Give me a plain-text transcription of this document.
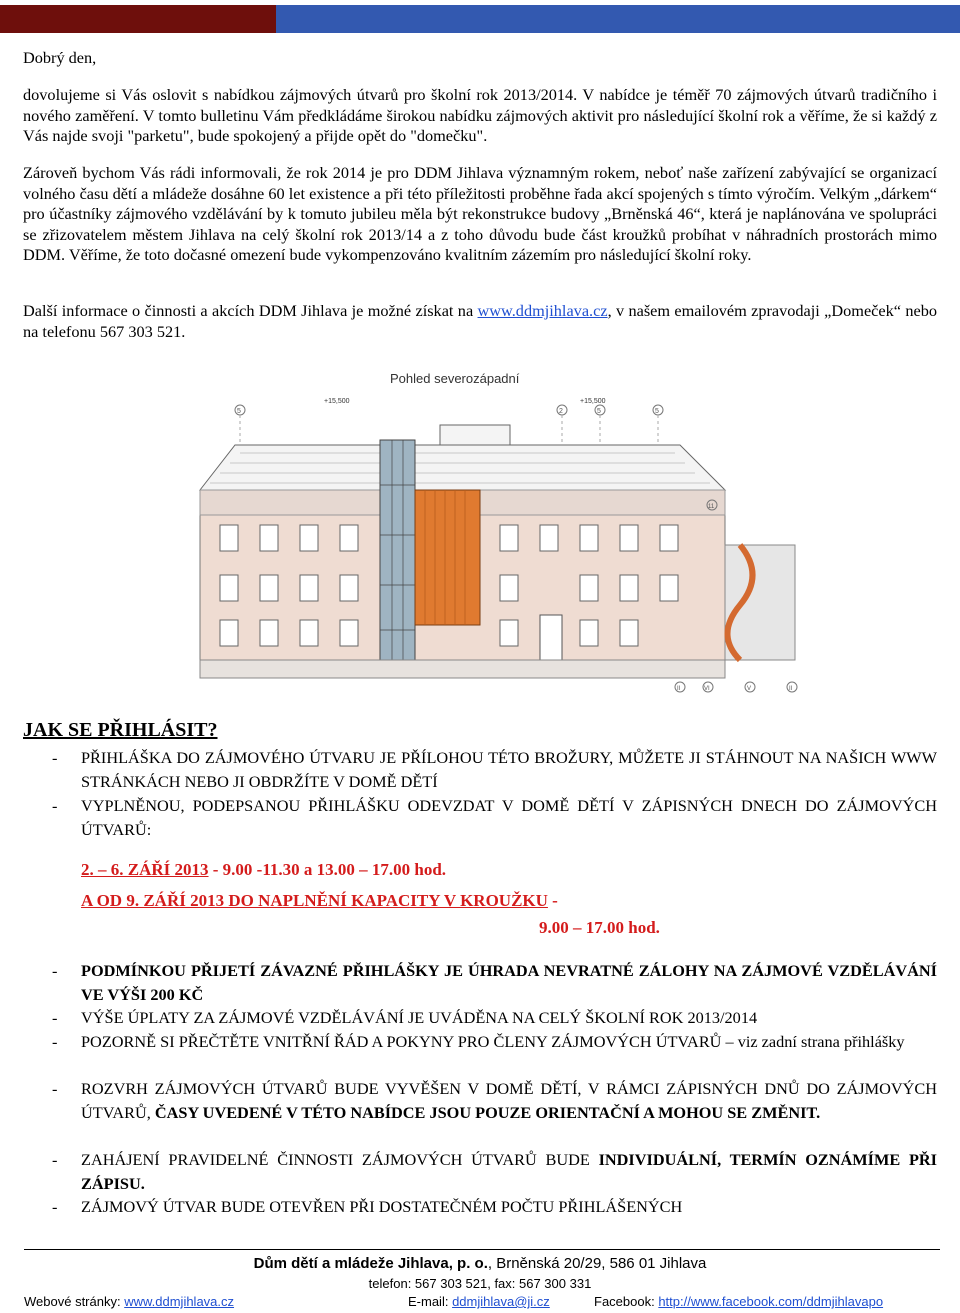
Dobrý den,
dovolujeme si Vás oslovit s nabídkou zájmových útvarů pro školní rok 2013/2014. V nabídce je téměř 70 zájmových útvarů tradičního i nového zaměření. V tomto bulletinu Vám předkládáme širokou nabídku zájmových aktivit pro následující školní rok a věříme, že si každý z Vás najde svoji "parketu", bude spokojený a přijde opět do "domečku".
Zároveň bychom Vás rádi informovali, že rok 2014 je pro DDM Jihlava významným rokem, neboť naše zařízení zabývající se organizací volného času dětí a mládeže dosáhne 60 let existence a při této příležitosti proběhne řada akcí spojených s tímto výročím. Velkým „dárkem“ pro účastníky zájmového vzdělávání by k tomuto jubileu měla být rekonstrukce budovy „Brněnská 46“, která je naplánována ve spolupráci se zřizovatelem městem Jihlava na celý školní rok 2013/14 a z toho důvodu bude část kroužků probíhat v náhradních prostorách mimo DDM. Věříme, že toto dočasné omezení bude vykompenzováno kvalitním zázemím pro následující školní roky.
Další informace o činnosti a akcích DDM Jihlava je možné získat na www.ddmjihlava.cz, v našem emailovém zpravodaji „Domeček“ nebo na telefonu 567 303 521.
Pohled severozápadní
+15,500	+15,500
5	2	5	5
11
II	VI	V	II
JAK SE PŘIHLÁSIT?
- PŘIHLÁŠKA DO ZÁJMOVÉHO ÚTVARU JE PŘÍLOHOU TÉTO BROŽURY, MŮŽETE JI STÁHNOUT NA NAŠICH WWW STRÁNKÁCH NEBO JI OBDRŽÍTE V DOMĚ DĚTÍ
- VYPLNĚNOU, PODEPSANOU PŘIHLÁŠKU ODEVZDAT V DOMĚ DĚTÍ V ZÁPISNÝCH DNECH DO ZÁJMOVÝCH ÚTVARŮ:
2. – 6. ZÁŘÍ 2013 - 9.00 -11.30 a 13.00 – 17.00 hod.
A OD 9. ZÁŘÍ 2013 DO NAPLNĚNÍ KAPACITY V KROUŽKU -
9.00 – 17.00 hod.
- PODMÍNKOU PŘIJETÍ ZÁVAZNÉ PŘIHLÁŠKY JE ÚHRADA NEVRATNÉ ZÁLOHY NA ZÁJMOVÉ VZDĚLÁVÁNÍ VE VÝŠI 200 KČ
- VÝŠE ÚPLATY ZA ZÁJMOVÉ VZDĚLÁVÁNÍ JE UVÁDĚNA NA CELÝ ŠKOLNÍ ROK 2013/2014
- POZORNĚ SI PŘEČTĚTE VNITŘNÍ ŘÁD A POKYNY PRO ČLENY ZÁJMOVÝCH ÚTVARŮ – viz zadní strana přihlášky
- ROZVRH ZÁJMOVÝCH ÚTVARŮ BUDE VYVĚŠEN V DOMĚ DĚTÍ, V RÁMCI ZÁPISNÝCH DNŮ DO ZÁJMOVÝCH ÚTVARŮ, ČASY UVEDENÉ V TÉTO NABÍDCE JSOU POUZE ORIENTAČNÍ A MOHOU SE ZMĚNIT.
- ZAHÁJENÍ PRAVIDELNÉ ČINNOSTI ZÁJMOVÝCH ÚTVARŮ BUDE INDIVIDUÁLNÍ, TERMÍN OZNÁMÍME PŘI ZÁPISU.
- ZÁJMOVÝ ÚTVAR BUDE OTEVŘEN PŘI DOSTATEČNÉM POČTU PŘIHLÁŠENÝCH
Dům dětí a mládeže Jihlava, p. o., Brněnská 20/29, 586 01 Jihlava
telefon: 567 303 521, fax: 567 300 331
Webové stránky: www.ddmjihlava.cz	E-mail: ddmjihlava@ji.cz	Facebook: http://www.facebook.com/ddmjihlavapo
